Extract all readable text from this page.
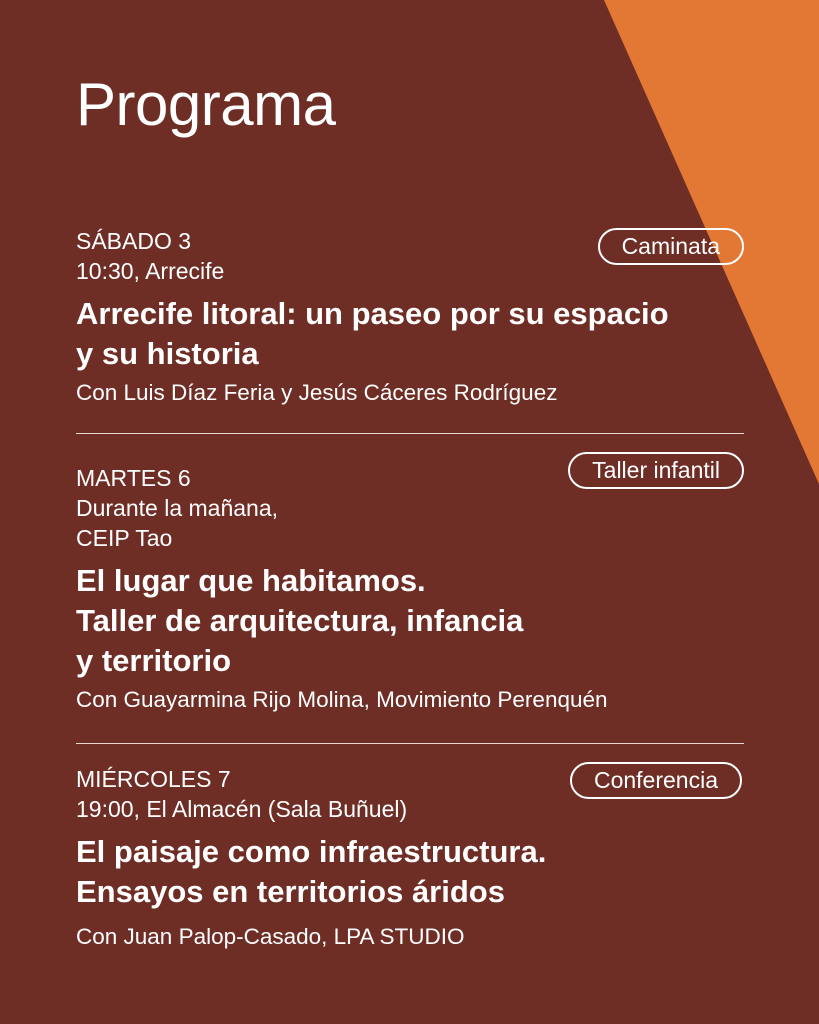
Programa
SÁBADO 3
10:30, Arrecife
Caminata
Arrecife litoral: un paseo por su espacio
y su historia
Con Luis Díaz Feria y Jesús Cáceres Rodríguez
MARTES 6
Durante la mañana,
CEIP Tao
Taller infantil
El lugar que habitamos.
Taller de arquitectura, infancia
y territorio
Con Guayarmina Rijo Molina, Movimiento Perenquén
MIÉRCOLES 7
19:00, El Almacén (Sala Buñuel)
Conferencia
El paisaje como infraestructura.
Ensayos en territorios áridos
Con Juan Palop-Casado, LPA STUDIO
